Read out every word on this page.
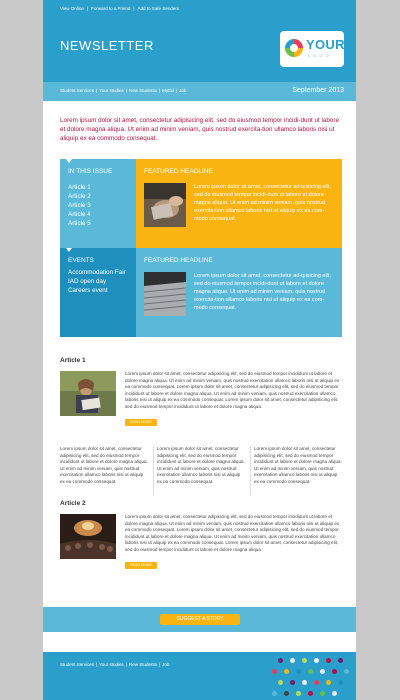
View Online | Forward to a Friend | Add to Safe Senders
NEWSLETTER	YOUR
LOGO
Student Services | Your studies | New Students | MyEd | Job	September 2013
Lorem ipsum dolor sit amet, consectetur adipisicing elit, sed do eiusmod tempor incidi-dunt ut labore et dolore magna aliqua. Ut enim ad minim veniam, quis nostrud exercita-tion ullamco laboris nisi ut aliquip ex ea commodo consequat.
IN THIS ISSUE
Article 1
Article 2
Article 3
Article 4
Article 5
FEATURED HEADLINE
Lorem ipsum dolor sit amet, consectetur ad-ipisicing elit, sed do eiusmod tempor incidi-dunt ut labore et dolore magna aliqua. Ut enim ad minim veniam, quis nostrud exercita-tion ullamco laboris nisi ut aliquip ex ea com-modo consequat.
EVENTS
Accommodation Fair
IAD open day
Careers event
FEATURED HEADLINE
Lorem ipsum dolor sit amet, consectetur ad-ipisicing elit, sed do eiusmod tempor incidi-dunt ut labore et dolore magna aliqua. Ut enim ad minim veniam, quis nostrud exercita-tion ullamco laboris nisi ut aliquip ex ea com-modo consequat.
Article 1
Lorem ipsum dolor sit amet, consectetur adipisicing elit, sed do eiusmod tempor incididunt ut labore et dolore magna aliqua. Ut enim ad minim veniam, quis nostrud exercitation ullamco laboris nisi ut aliquip ex ea commodo consequat. Lorem ipsum dolor sit amet, consectetur adipisicing elit, sed do eiusmod tempor incididunt ut labore et dolore magna aliqua. Ut enim ad minim veniam, quis nostrud exercitation ullamco laboris nisi ut aliquip ex ea commodo consequat. Lorem ipsum dolor sit amet, consectetur adipisicing elit, sed do eiusmod tempor incididunt ut labore et dolore magna aliqua.
READ MORE
Lorem ipsum dolor sit amet, consectetur adipisicing elit, sed do eiusmod tempor incididunt ut labore et dolore magna aliqua. Ut enim ad minim veniam, quis nostrud exercitation ullamco laboris nisi ut aliquip ex ea commodo consequat.
Lorem ipsum dolor sit amet, consectetur adipisicing elit, sed do eiusmod tempor incididunt ut labore et dolore magna aliqua. Ut enim ad minim veniam, quis nostrud exercitation ullamco laboris nisi ut aliquip ex ea commodo consequat.
Lorem ipsum dolor sit amet, consectetur adipisicing elit, sed do eiusmod tempor incididunt ut labore et dolore magna aliqua. Ut enim ad minim veniam, quis nostrud exercitation ullamco laboris nisi ut aliquip ex ea commodo consequat.
Article 2
Lorem ipsum dolor sit amet, consectetur adipisicing elit, sed do eiusmod tempor incididunt ut labore et dolore magna aliqua. Ut enim ad minim veniam, quis nostrud exercitation ullamco laboris nisi ut aliquip ex ea commodo consequat. Lorem ipsum dolor sit amet, consectetur adipisicing elit, sed do eiusmod tempor incididunt ut labore et dolore magna aliqua. Ut enim ad minim veniam, quis nostrud exercitation ullamco laboris nisi ut aliquip ex ea commodo consequat. Lorem ipsum dolor sit amet, consectetur adipisicing elit, sed do eiusmod tempor incididunt ut labore et dolore magna aliqua.
READ MORE
SUGGEST A STORY
Student Services | Your studies | New Students | Job
